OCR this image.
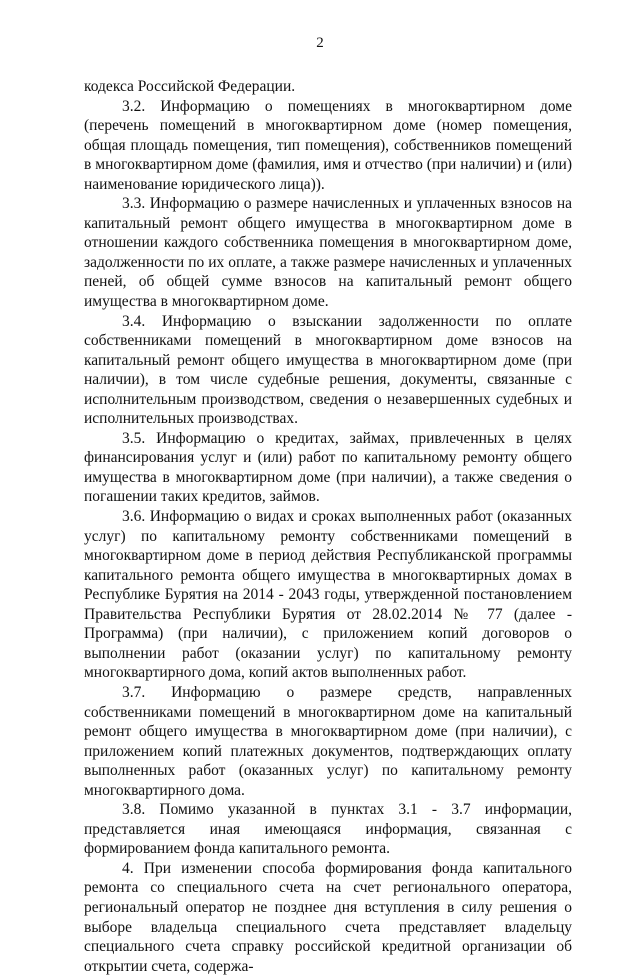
2

кодекса Российской Федерации.

3.2. Информацию о помещениях в многоквартирном доме (перечень помещений в многоквартирном доме (номер помещения, общая площадь помещения, тип помещения), собственников помещений в многоквартирном доме (фамилия, имя и отчество (при наличии) и (или) наименование юридического лица)).

3.3. Информацию о размере начисленных и уплаченных взносов на капитальный ремонт общего имущества в многоквартирном доме в отношении каждого собственника помещения в многоквартирном доме, задолженности по их оплате, а также размере начисленных и уплаченных пеней, об общей сумме взносов на капитальный ремонт общего имущества в многоквартирном доме.

3.4. Информацию о взыскании задолженности по оплате собственниками помещений в многоквартирном доме взносов на капитальный ремонт общего имущества в многоквартирном доме (при наличии), в том числе судебные решения, документы, связанные с исполнительным производством, сведения о незавершенных судебных и исполнительных производствах.

3.5. Информацию о кредитах, займах, привлеченных в целях финансирования услуг и (или) работ по капитальному ремонту общего имущества в многоквартирном доме (при наличии), а также сведения о погашении таких кредитов, займов.

3.6. Информацию о видах и сроках выполненных работ (оказанных услуг) по капитальному ремонту собственниками помещений в многоквартирном доме в период действия Республиканской программы капитального ремонта общего имущества в многоквартирных домах в Республике Бурятия на 2014 - 2043 годы, утвержденной постановлением Правительства Республики Бурятия от 28.02.2014 № 77 (далее - Программа) (при наличии), с приложением копий договоров о выполнении работ (оказании услуг) по капитальному ремонту многоквартирного дома, копий актов выполненных работ.

3.7. Информацию о размере средств, направленных собственниками помещений в многоквартирном доме на капитальный ремонт общего имущества в многоквартирном доме (при наличии), с приложением копий платежных документов, подтверждающих оплату выполненных работ (оказанных услуг) по капитальному ремонту многоквартирного дома.

3.8. Помимо указанной в пунктах 3.1 - 3.7 информации, представляется иная имеющаяся информация, связанная с формированием фонда капитального ремонта.

4. При изменении способа формирования фонда капитального ремонта со специального счета на счет регионального оператора, региональный оператор не позднее дня вступления в силу решения о выборе владельца специального счета представляет владельцу специального счета справку российской кредитной организации об открытии счета, содержа-
